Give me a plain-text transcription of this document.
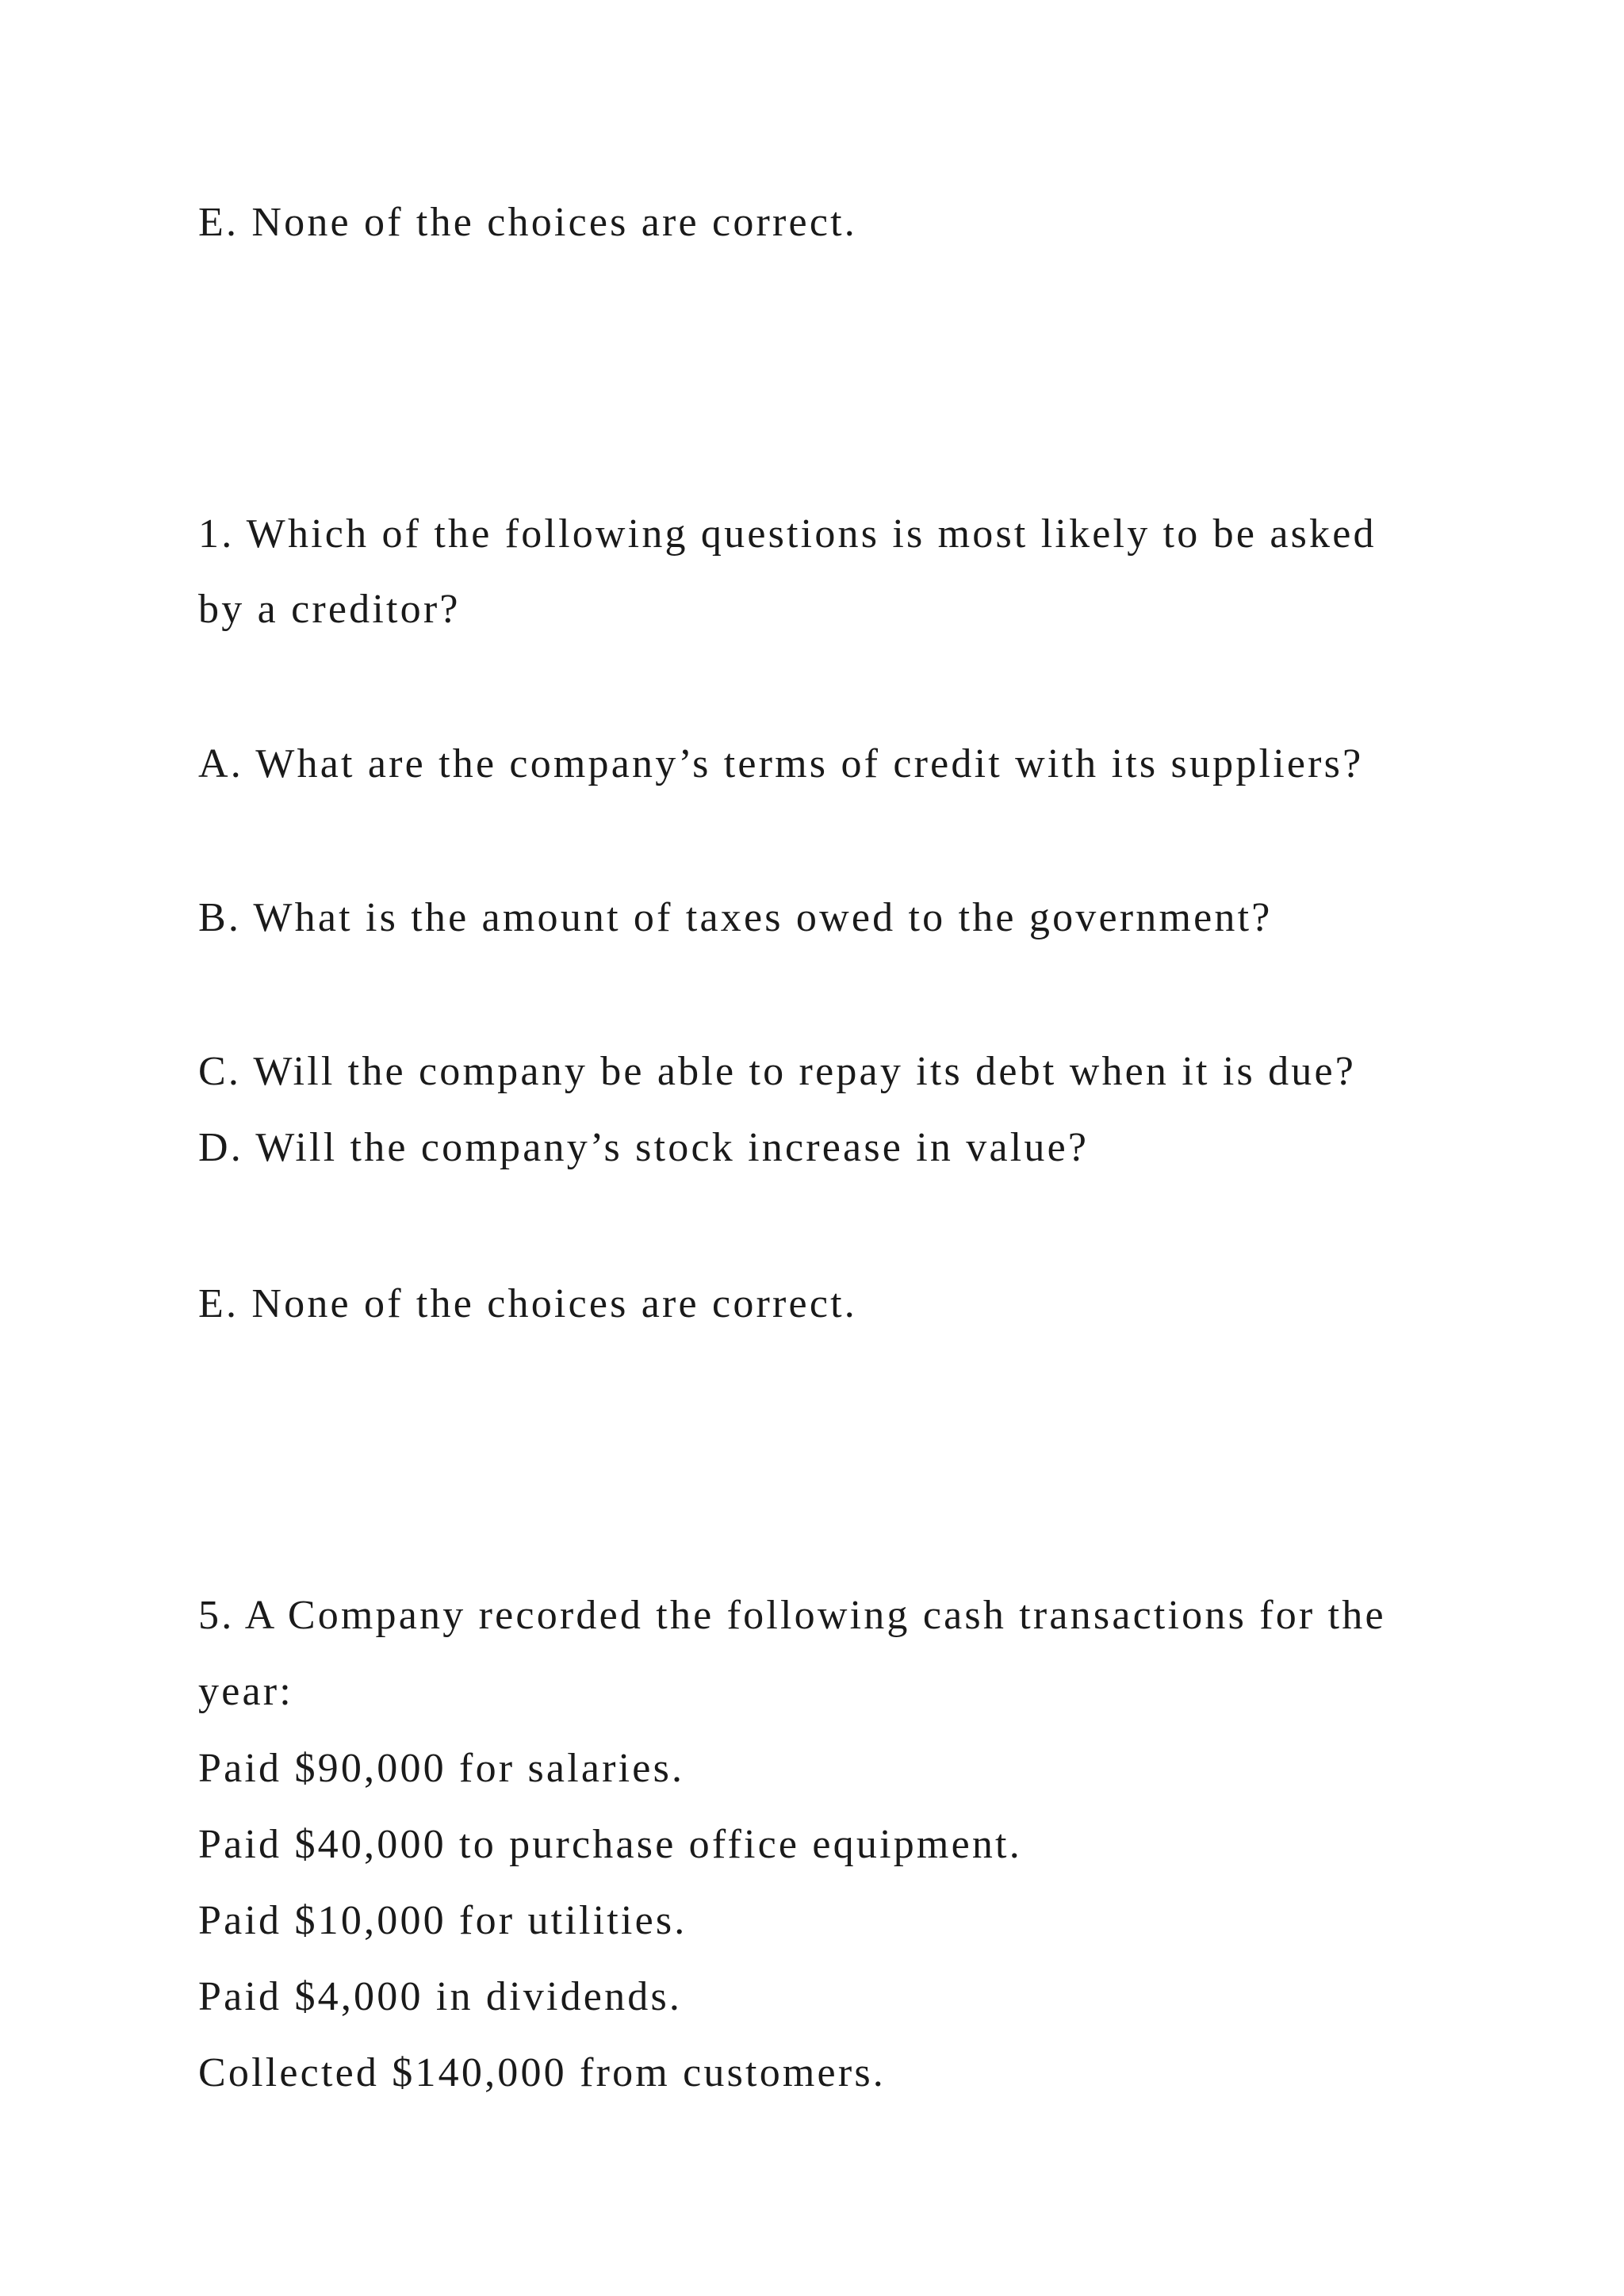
E. None of the choices are correct.
1. Which of the following questions is most likely to be asked
by a creditor?
A. What are the company’s terms of credit with its suppliers?
B. What is the amount of taxes owed to the government?
C. Will the company be able to repay its debt when it is due?
D. Will the company’s stock increase in value?
E. None of the choices are correct.
5. A Company recorded the following cash transactions for the
year:
Paid $90,000 for salaries.
Paid $40,000 to purchase office equipment.
Paid $10,000 for utilities.
Paid $4,000 in dividends.
Collected $140,000 from customers.
